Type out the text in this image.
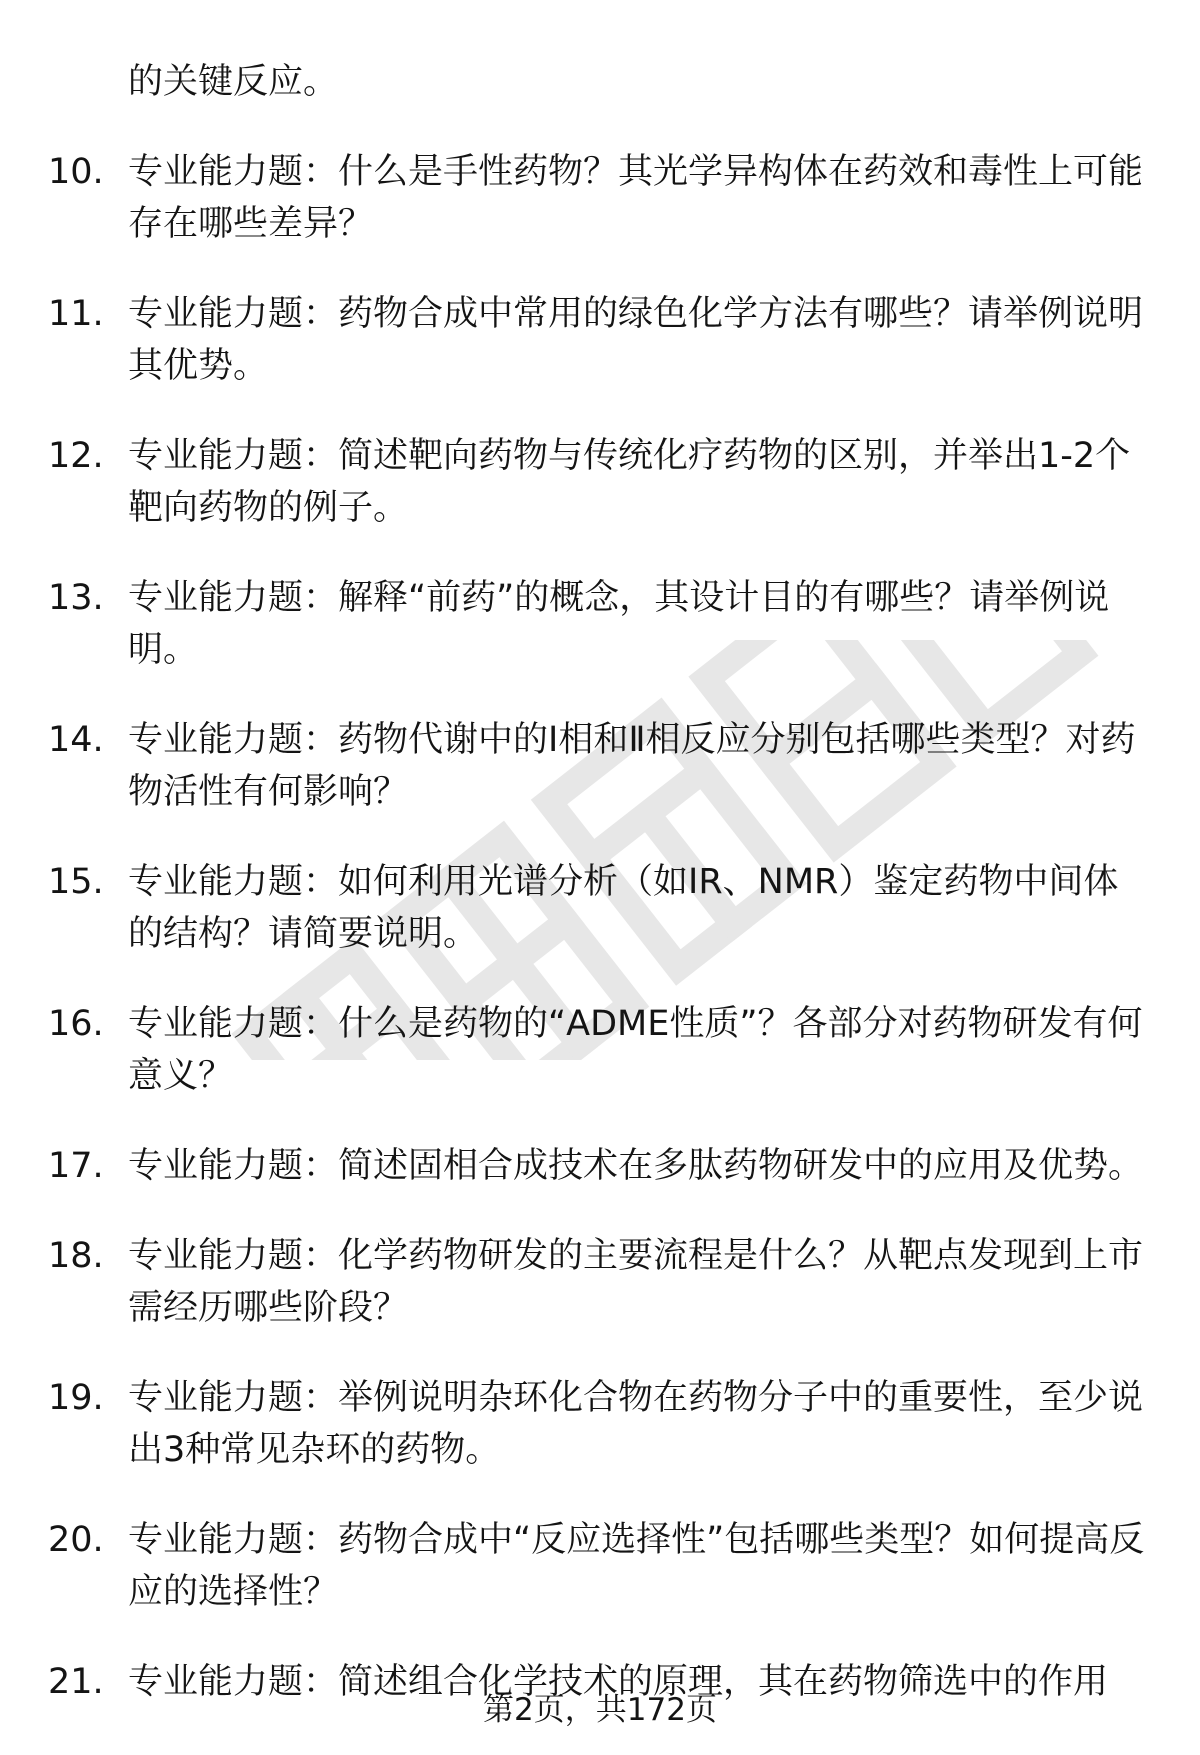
的关键反应。
10. 专业能力题：什么是手性药物？其光学异构体在药效和毒性上可能存在哪些差异？
11. 专业能力题：药物合成中常用的绿色化学方法有哪些？请举例说明其优势。
12. 专业能力题：简述靶向药物与传统化疗药物的区别，并举出1-2个靶向药物的例子。
13. 专业能力题：解释“前药”的概念，其设计目的有哪些？请举例说明。
14. 专业能力题：药物代谢中的Ⅰ相和Ⅱ相反应分别包括哪些类型？对药物活性有何影响？
15. 专业能力题：如何利用光谱分析（如IR、NMR）鉴定药物中间体的结构？请简要说明。
16. 专业能力题：什么是药物的“ADME性质”？各部分对药物研发有何意义？
17. 专业能力题：简述固相合成技术在多肽药物研发中的应用及优势。
18. 专业能力题：化学药物研发的主要流程是什么？从靶点发现到上市需经历哪些阶段？
19. 专业能力题：举例说明杂环化合物在药物分子中的重要性，至少说出3种常见杂环的药物。
20. 专业能力题：药物合成中“反应选择性”包括哪些类型？如何提高反应的选择性？
21. 专业能力题：简述组合化学技术的原理，其在药物筛选中的作用
第2页，共172页
